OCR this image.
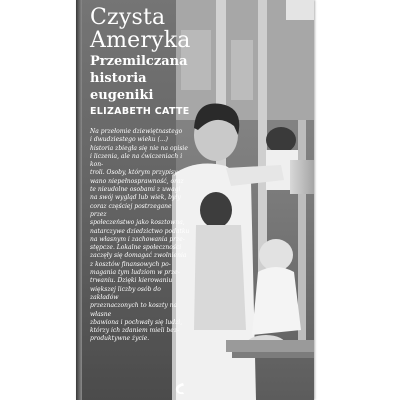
Czysta
Ameryka
Przemilczana
historia
eugeniki
ELIZABETH CATTE

Na przełomie dziewiętnastego
i dwudziestego wieku (...)
historia zbiegła się nie na opisie
i liczenia, ale na ćwiczeniach i kon-
troli. Osoby, którym przypisy-
wano niepełnosprawność, oraz
te nieudolne osobami z uwagi
na swój wygląd lub wiek, były
coraz częściej postrzegane przez
społeczeństwo jako kosztowna,
natarczywe dziedzictwo podatku
na własnym i zachowania prze-
stępcze. Lokalne społeczności
zaczęły się domagać zwolnienia
z kosztów finansowych po-
magania tym ludziom w prze-
trwaniu. Dzięki kierowaniu
większej liczby osób do zakładów
przeznaczonych to koszty na własne
zbawiona i pochwały się ludzi,
którzy ich zdaniem mieli bez-
produktywne życie.
